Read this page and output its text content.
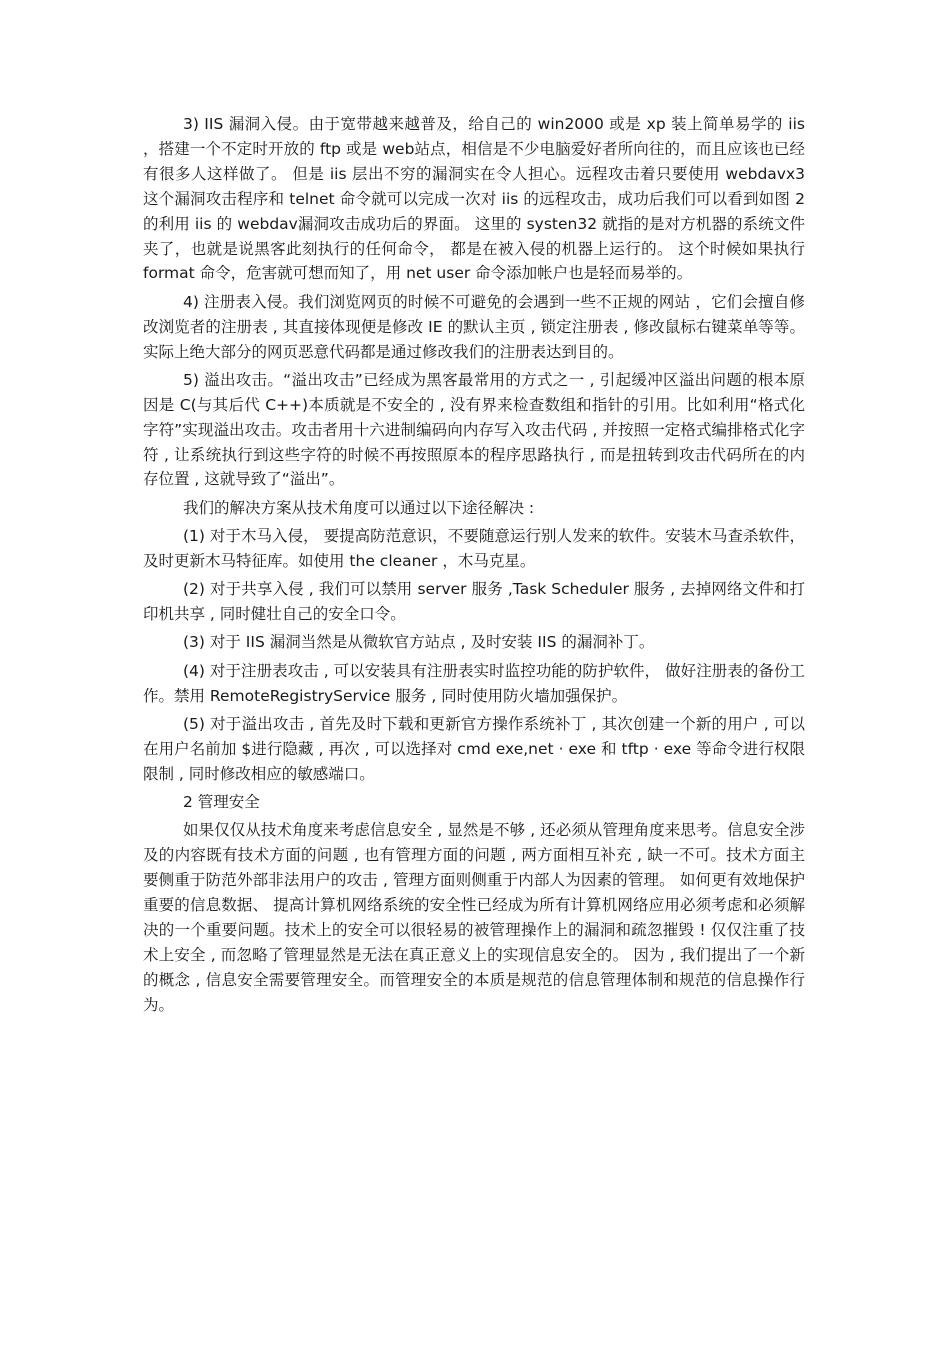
3) IIS 漏洞入侵。由于宽带越来越普及，给自己的 win2000 或是 xp 装上简单易学的 iis ，搭建一个不定时开放的 ftp 或是 web站点，相信是不少电脑爱好者所向往的，而且应该也已经有很多人这样做了。 但是 iis 层出不穷的漏洞实在令人担心。远程攻击着只要使用 webdavx3 这个漏洞攻击程序和 telnet 命令就可以完成一次对 iis 的远程攻击，成功后我们可以看到如图 2 的利用 iis 的 webdav漏洞攻击成功后的界面。 这里的 systen32 就指的是对方机器的系统文件夹了，也就是说黑客此刻执行的任何命令， 都是在被入侵的机器上运行的。 这个时候如果执行 format 命令，危害就可想而知了，用 net user 命令添加帐户也是轻而易举的。

4) 注册表入侵。我们浏览网页的时候不可避免的会遇到一些不正规的网站 ，它们会擅自修改浏览者的注册表 , 其直接体现便是修改 IE 的默认主页 , 锁定注册表 , 修改鼠标右键菜单等等。实际上绝大部分的网页恶意代码都是通过修改我们的注册表达到目的。

5) 溢出攻击。“溢出攻击”已经成为黑客最常用的方式之一 , 引起缓冲区溢出问题的根本原因是 C(与其后代 C++)本质就是不安全的 , 没有界来检查数组和指针的引用。比如利用“格式化字符”实现溢出攻击。攻击者用十六进制编码向内存写入攻击代码 , 并按照一定格式编排格式化字符 , 让系统执行到这些字符的时候不再按照原本的程序思路执行 , 而是扭转到攻击代码所在的内存位置 , 这就导致了“溢出”。

我们的解决方案从技术角度可以通过以下途径解决 :

(1) 对于木马入侵， 要提高防范意识，不要随意运行别人发来的软件。安装木马查杀软件，及时更新木马特征库。如使用 the cleaner ，木马克星。

(2) 对于共享入侵 , 我们可以禁用 server 服务 ,Task Scheduler 服务 , 去掉网络文件和打印机共享 , 同时健壮自己的安全口令。

(3) 对于 IIS 漏洞当然是从微软官方站点 , 及时安装 IIS 的漏洞补丁。

(4) 对于注册表攻击 , 可以安装具有注册表实时监控功能的防护软件， 做好注册表的备份工作。禁用 RemoteRegistryService 服务 , 同时使用防火墙加强保护。

(5) 对于溢出攻击 , 首先及时下载和更新官方操作系统补丁 , 其次创建一个新的用户 , 可以在用户名前加 $进行隐藏 , 再次 , 可以选择对 cmd exe,net · exe 和 tftp · exe 等命令进行权限限制 , 同时修改相应的敏感端口。

2 管理安全

如果仅仅从技术角度来考虑信息安全 , 显然是不够 , 还必须从管理角度来思考。信息安全涉及的内容既有技术方面的问题 , 也有管理方面的问题 , 两方面相互补充 , 缺一不可。技术方面主要侧重于防范外部非法用户的攻击 , 管理方面则侧重于内部人为因素的管理。 如何更有效地保护重要的信息数据、 提高计算机网络系统的安全性已经成为所有计算机网络应用必须考虑和必须解决的一个重要问题。技术上的安全可以很轻易的被管理操作上的漏洞和疏忽摧毁 ! 仅仅注重了技术上安全 , 而忽略了管理显然是无法在真正意义上的实现信息安全的。 因为 , 我们提出了一个新的概念 , 信息安全需要管理安全。而管理安全的本质是规范的信息管理体制和规范的信息操作行为。
